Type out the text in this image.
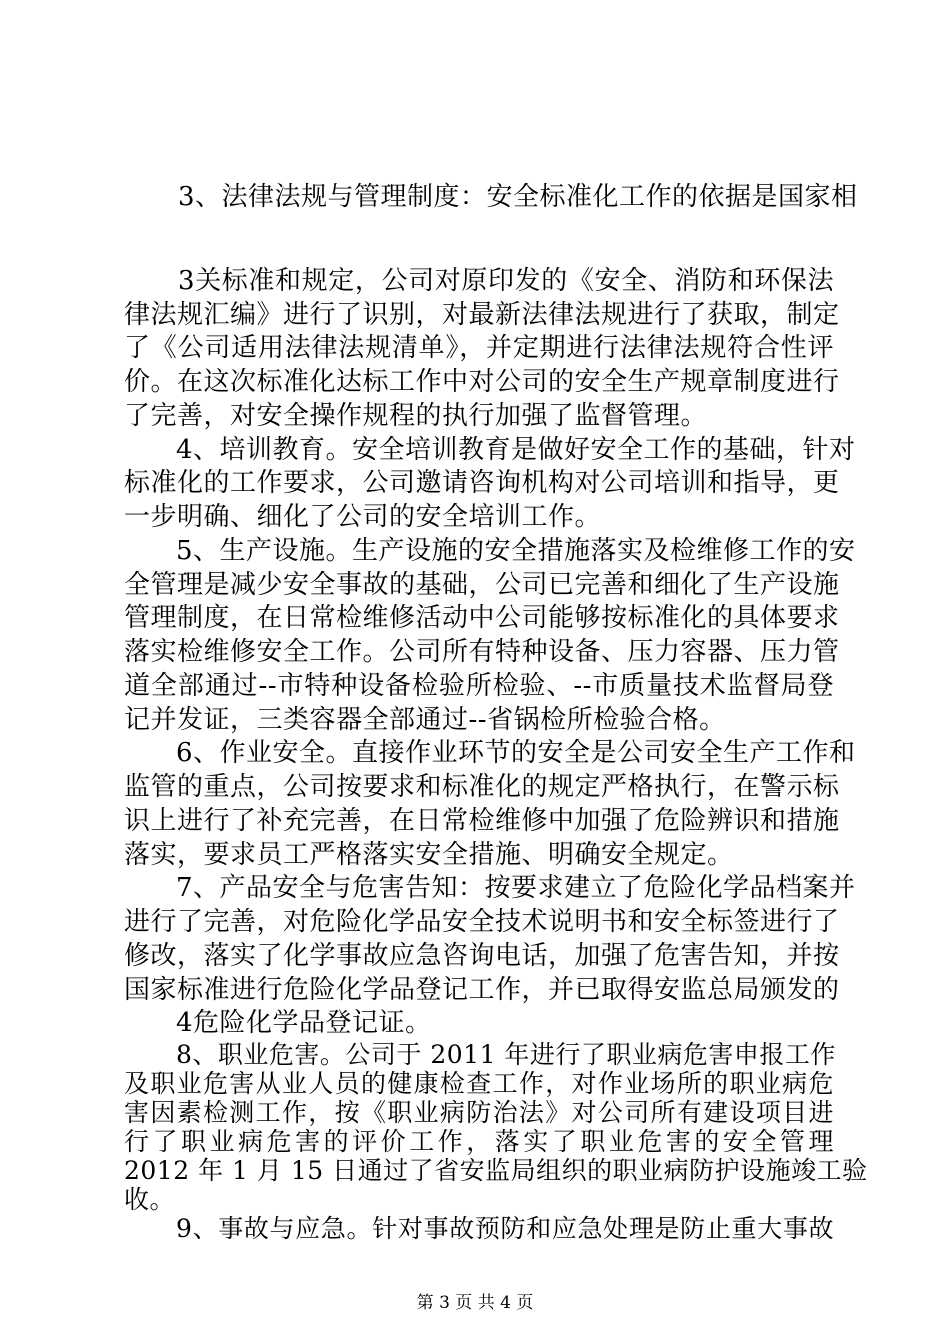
3、法律法规与管理制度：安全标准化工作的依据是国家相
3关标准和规定，公司对原印发的《安全、消防和环保法
律法规汇编》进行了识别，对最新法律法规进行了获取，制定
了《公司适用法律法规清单》，并定期进行法律法规符合性评
价。在这次标准化达标工作中对公司的安全生产规章制度进行
了完善，对安全操作规程的执行加强了监督管理。
4、培训教育。安全培训教育是做好安全工作的基础，针对
标准化的工作要求，公司邀请咨询机构对公司培训和指导，更
一步明确、细化了公司的安全培训工作。
5、生产设施。生产设施的安全措施落实及检维修工作的安
全管理是减少安全事故的基础，公司已完善和细化了生产设施
管理制度，在日常检维修活动中公司能够按标准化的具体要求
落实检维修安全工作。公司所有特种设备、压力容器、压力管
道全部通过--市特种设备检验所检验、--市质量技术监督局登
记并发证，三类容器全部通过--省锅检所检验合格。
6、作业安全。直接作业环节的安全是公司安全生产工作和
监管的重点，公司按要求和标准化的规定严格执行，在警示标
识上进行了补充完善，在日常检维修中加强了危险辨识和措施
落实，要求员工严格落实安全措施、明确安全规定。
7、产品安全与危害告知：按要求建立了危险化学品档案并
进行了完善，对危险化学品安全技术说明书和安全标签进行了
修改，落实了化学事故应急咨询电话，加强了危害告知，并按
国家标准进行危险化学品登记工作，并已取得安监总局颁发的
4危险化学品登记证。
8、职业危害。公司于 2011 年进行了职业病危害申报工作
及职业危害从业人员的健康检查工作，对作业场所的职业病危
害因素检测工作，按《职业病防治法》对公司所有建设项目进
行了职业病危害的评价工作，落实了职业危害的安全管理
2012 年 1 月 15 日通过了省安监局组织的职业病防护设施竣工验
收。
9、事故与应急。针对事故预防和应急处理是防止重大事故
第 3 页 共 4 页
